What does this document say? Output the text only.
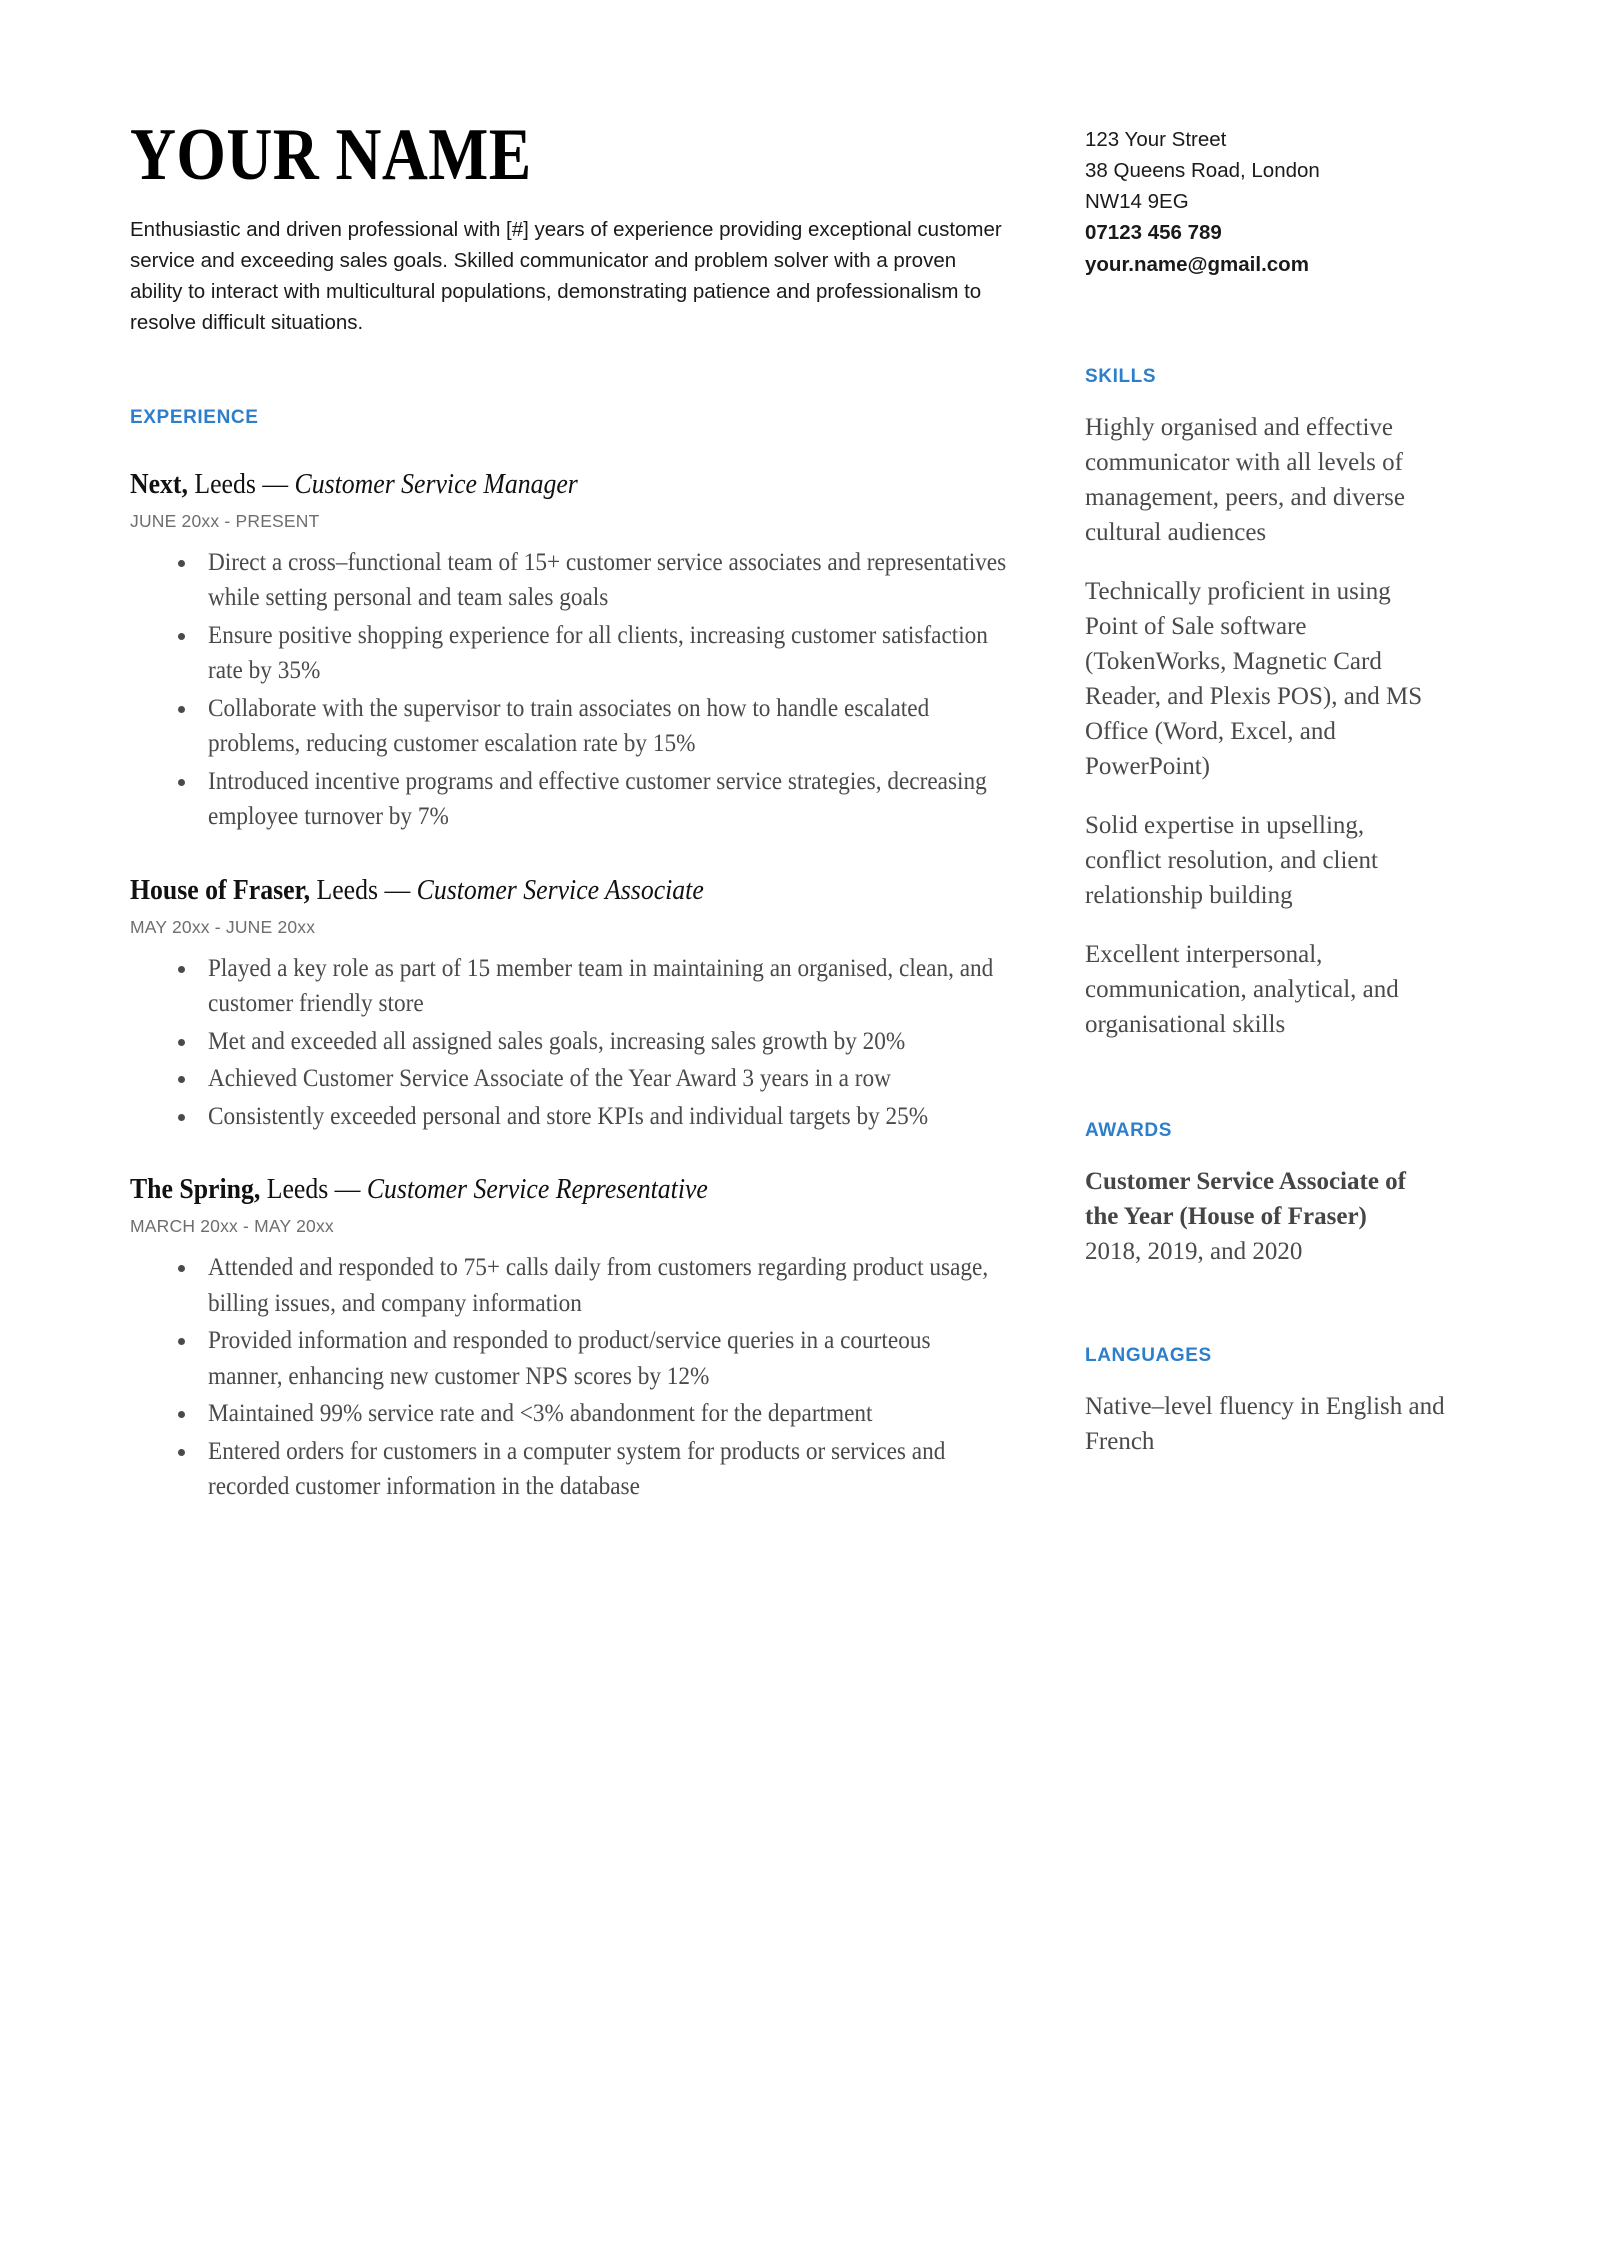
YOUR NAME

Enthusiastic and driven professional with [#] years of experience providing exceptional customer service and exceeding sales goals. Skilled communicator and problem solver with a proven ability to interact with multicultural populations, demonstrating patience and professionalism to resolve difficult situations.

EXPERIENCE
Next, Leeds — Customer Service Manager
JUNE 20xx - PRESENT
Direct a cross–functional team of 15+ customer service associates and representatives while setting personal and team sales goals
Ensure positive shopping experience for all clients, increasing customer satisfaction rate by 35%
Collaborate with the supervisor to train associates on how to handle escalated problems, reducing customer escalation rate by 15%
Introduced incentive programs and effective customer service strategies, decreasing employee turnover by 7%
House of Fraser, Leeds — Customer Service Associate
MAY 20xx - JUNE 20xx
Played a key role as part of 15 member team in maintaining an organised, clean, and customer friendly store
Met and exceeded all assigned sales goals, increasing sales growth by 20%
Achieved Customer Service Associate of the Year Award 3 years in a row
Consistently exceeded personal and store KPIs and individual targets by 25%
The Spring, Leeds — Customer Service Representative
MARCH 20xx - MAY 20xx
Attended and responded to 75+ calls daily from customers regarding product usage, billing issues, and company information
Provided information and responded to product/service queries in a courteous manner, enhancing new customer NPS scores by 12%
Maintained 99% service rate and <3% abandonment for the department
Entered orders for customers in a computer system for products or services and recorded customer information in the database
123 Your Street
38 Queens Road, London
NW14 9EG
07123 456 789
your.name@gmail.com
SKILLS

Highly organised and effective communicator with all levels of management, peers, and diverse cultural audiences

Technically proficient in using Point of Sale software (TokenWorks, Magnetic Card Reader, and Plexis POS), and MS Office (Word, Excel, and PowerPoint)

Solid expertise in upselling, conflict resolution, and client relationship building

Excellent interpersonal, communication, analytical, and organisational skills

AWARDS

Customer Service Associate of the Year (House of Fraser)

2018, 2019, and 2020

LANGUAGES

Native–level fluency in English and French
